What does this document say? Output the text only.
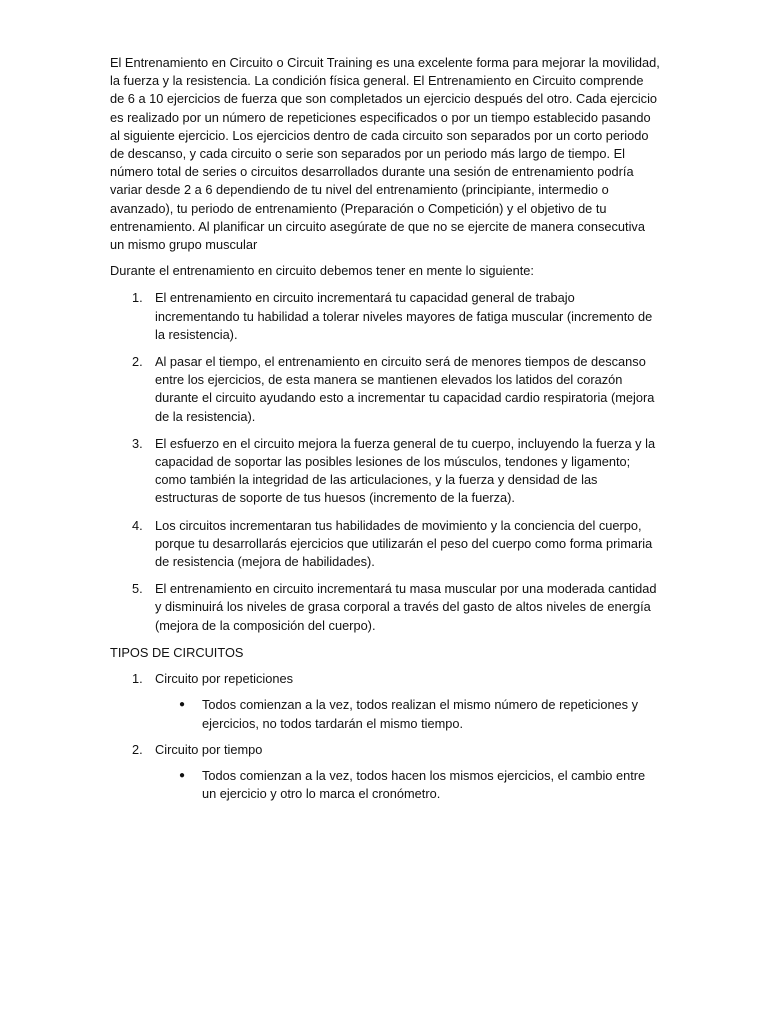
El Entrenamiento en Circuito o Circuit Training es una excelente forma para mejorar la movilidad, la fuerza y la resistencia. La condición física general. El Entrenamiento en Circuito comprende de 6 a 10 ejercicios de fuerza que son completados un ejercicio después del otro. Cada ejercicio es realizado por un número de repeticiones especificados o por un tiempo establecido pasando al siguiente ejercicio. Los ejercicios dentro de cada circuito son separados por un corto periodo de descanso, y cada circuito o serie son separados por un periodo más largo de tiempo. El número total de series o circuitos desarrollados durante una sesión de entrenamiento podría variar desde 2 a 6 dependiendo de tu nivel del entrenamiento (principiante, intermedio o avanzado), tu periodo de entrenamiento (Preparación o Competición) y el objetivo de tu entrenamiento. Al planificar un circuito asegúrate de que no se ejercite de manera consecutiva un mismo grupo muscular

Durante el entrenamiento en circuito debemos tener en mente lo siguiente:

1. El entrenamiento en circuito incrementará tu capacidad general de trabajo incrementando tu habilidad a tolerar niveles mayores de fatiga muscular (incremento de la resistencia).
2. Al pasar el tiempo, el entrenamiento en circuito será de menores tiempos de descanso entre los ejercicios, de esta manera se mantienen elevados los latidos del corazón durante el circuito ayudando esto a incrementar tu capacidad cardio respiratoria (mejora de la resistencia).
3. El esfuerzo en el circuito mejora la fuerza general de tu cuerpo, incluyendo la fuerza y la capacidad de soportar las posibles lesiones de los músculos, tendones y ligamento; como también la integridad de las articulaciones, y la fuerza y densidad de las estructuras de soporte de tus huesos (incremento de la fuerza).
4. Los circuitos incrementaran tus habilidades de movimiento y la conciencia del cuerpo, porque tu desarrollarás ejercicios que utilizarán el peso del cuerpo como forma primaria de resistencia (mejora de habilidades).
5. El entrenamiento en circuito incrementará tu masa muscular por una moderada cantidad y disminuirá los niveles de grasa corporal a través del gasto de altos niveles de energía (mejora de la composición del cuerpo).

TIPOS DE CIRCUITOS

1. Circuito por repeticiones
● Todos comienzan a la vez, todos realizan el mismo número de repeticiones y ejercicios, no todos tardarán el mismo tiempo.
2. Circuito por tiempo
● Todos comienzan a la vez, todos hacen los mismos ejercicios, el cambio entre un ejercicio y otro lo marca el cronómetro.
